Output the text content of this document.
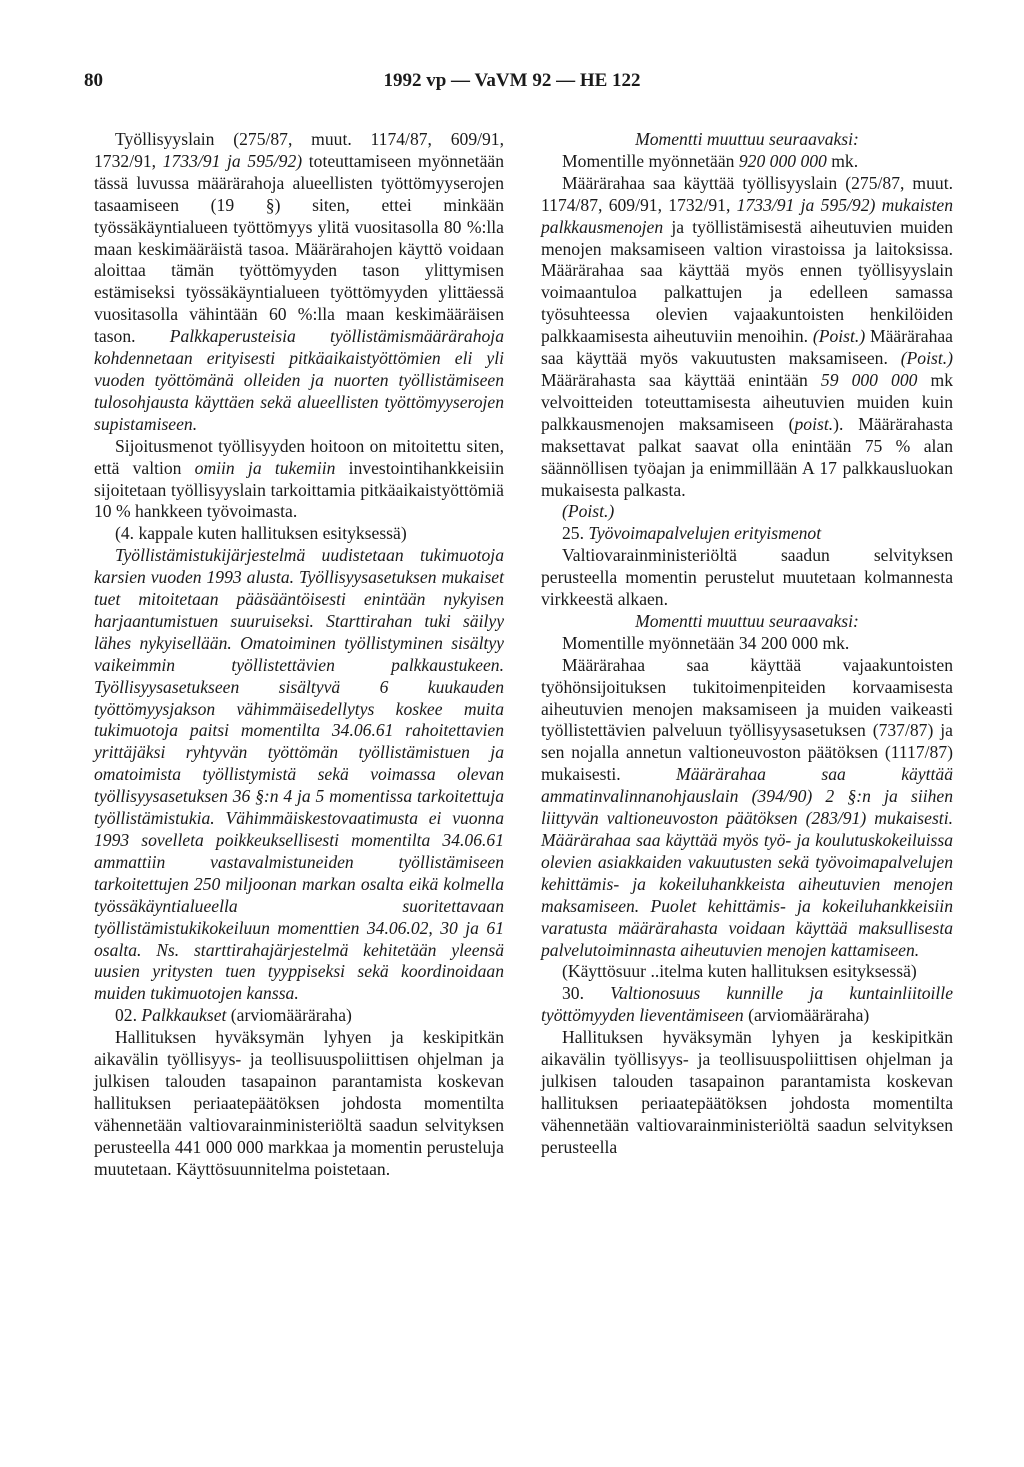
80	1992 vp — VaVM 92 — HE 122

Työllisyyslain (275/87, muut. 1174/87, 609/91, 1732/91, 1733/91 ja 595/92) toteuttamiseen myönnetään tässä luvussa määrärahoja alueellisten työttömyyserojen tasaamiseen (19 §) siten, ettei minkään työssäkäyntialueen työttömyys ylitä vuositasolla 80 %:lla maan keskimääräistä tasoa. Määrärahojen käyttö voidaan aloittaa tämän työttömyyden tason ylittymisen estämiseksi työssäkäyntialueen työttömyyden ylittäessä vuositasolla vähintään 60 %:lla maan keskimääräisen tason. Palkkaperusteisia työllistämismäärärahoja kohdennetaan erityisesti pitkäaikaistyöttömien eli yli vuoden työttömänä olleiden ja nuorten työllistämiseen tulosohjausta käyttäen sekä alueellisten työttömyyserojen supistamiseen.

Sijoitusmenot työllisyyden hoitoon on mitoitettu siten, että valtion omiin ja tukemiin investointihankkeisiin sijoitetaan työllisyyslain tarkoittamia pitkäaikaistyöttömiä 10 % hankkeen työvoimasta.

(4. kappale kuten hallituksen esityksessä)

Työllistämistukijärjestelmä uudistetaan tukimuotoja karsien vuoden 1993 alusta. Työllisyysasetuksen mukaiset tuet mitoitetaan pääsääntöisesti enintään nykyisen harjaantumistuen suuruiseksi. Starttirahan tuki säilyy lähes nykyisellään. Omatoiminen työllistyminen sisältyy vaikeimmin työllistettävien palkkaustukeen. Työllisyysasetukseen sisältyvä 6 kuukauden työttömyysjakson vähimmäisedellytys koskee muita tukimuotoja paitsi momentilta 34.06.61 rahoitettavien yrittäjäksi ryhtyvän työttömän työllistämistuen ja omatoimista työllistymistä sekä voimassa olevan työllisyysasetuksen 36 §:n 4 ja 5 momentissa tarkoitettuja työllistämistukia. Vähimmäiskestovaatimusta ei vuonna 1993 sovelleta poikkeuksellisesti momentilta 34.06.61 ammattiin vastavalmistuneiden työllistämiseen tarkoitettujen 250 miljoonan markan osalta eikä kolmella työssäkäyntialueella suoritettavaan työllistämistukikokeiluun momenttien 34.06.02, 30 ja 61 osalta. Ns. starttirahajärjestelmä kehitetään yleensä uusien yritysten tuen tyyppiseksi sekä koordinoidaan muiden tukimuotojen kanssa.

02. Palkkaukset (arviomääräraha)

Hallituksen hyväksymän lyhyen ja keskipitkän aikavälin työllisyys- ja teollisuuspoliittisen ohjelman ja julkisen talouden tasapainon parantamista koskevan hallituksen periaatepäätöksen johdosta momentilta vähennetään valtiovarainministeriöltä saadun selvityksen perusteella 441 000 000 markkaa ja momentin perusteluja muutetaan. Käyttösuunnitelma poistetaan.

Momentti muuttuu seuraavaksi:

Momentille myönnetään 920 000 000 mk.

Määrärahaa saa käyttää työllisyyslain (275/87, muut. 1174/87, 609/91, 1732/91, 1733/91 ja 595/92) mukaisten palkkausmenojen ja työllistämisestä aiheutuvien muiden menojen maksamiseen valtion virastoissa ja laitoksissa. Määrärahaa saa käyttää myös ennen työllisyyslain voimaantuloa palkattujen ja edelleen samassa työsuhteessa olevien vajaakuntoisten henkilöiden palkkaamisesta aiheutuviin menoihin. (Poist.) Määrärahaa saa käyttää myös vakuutusten maksamiseen. (Poist.) Määrärahasta saa käyttää enintään 59 000 000 mk velvoitteiden toteuttamisesta aiheutuvien muiden kuin palkkausmenojen maksamiseen (poist.). Määrärahasta maksettavat palkat saavat olla enintään 75 % alan säännöllisen työajan ja enimmillään A 17 palkkausluokan mukaisesta palkasta.

(Poist.)

25. Työvoimapalvelujen erityismenot

Valtiovarainministeriöltä saadun selvityksen perusteella momentin perustelut muutetaan kolmannesta virkkeestä alkaen.

Momentti muuttuu seuraavaksi:

Momentille myönnetään 34 200 000 mk.

Määrärahaa saa käyttää vajaakuntoisten työhönsijoituksen tukitoimenpiteiden korvaamisesta aiheutuvien menojen maksamiseen ja muiden vaikeasti työllistettävien palveluun työllisyysasetuksen (737/87) ja sen nojalla annetun valtioneuvoston päätöksen (1117/87) mukaisesti. Määrärahaa saa käyttää ammatinvalinnanohjauslain (394/90) 2 §:n ja siihen liittyvän valtioneuvoston päätöksen (283/91) mukaisesti. Määrärahaa saa käyttää myös työ- ja koulutuskokeiluissa olevien asiakkaiden vakuutusten sekä työvoimapalvelujen kehittämis- ja kokeiluhankkeista aiheutuvien menojen maksamiseen. Puolet kehittämis- ja kokeiluhankkeisiin varatusta määrärahasta voidaan käyttää maksullisesta palvelutoiminnasta aiheutuvien menojen kattamiseen.

(Käyttösuur ..itelma kuten hallituksen esityksessä)

30. Valtionosuus kunnille ja kuntainliitoille työttömyyden lieventämiseen (arviomääräraha)

Hallituksen hyväksymän lyhyen ja keskipitkän aikavälin työllisyys- ja teollisuuspoliittisen ohjelman ja julkisen talouden tasapainon parantamista koskevan hallituksen periaatepäätöksen johdosta momentilta vähennetään valtiovarainministeriöltä saadun selvityksen perusteella
